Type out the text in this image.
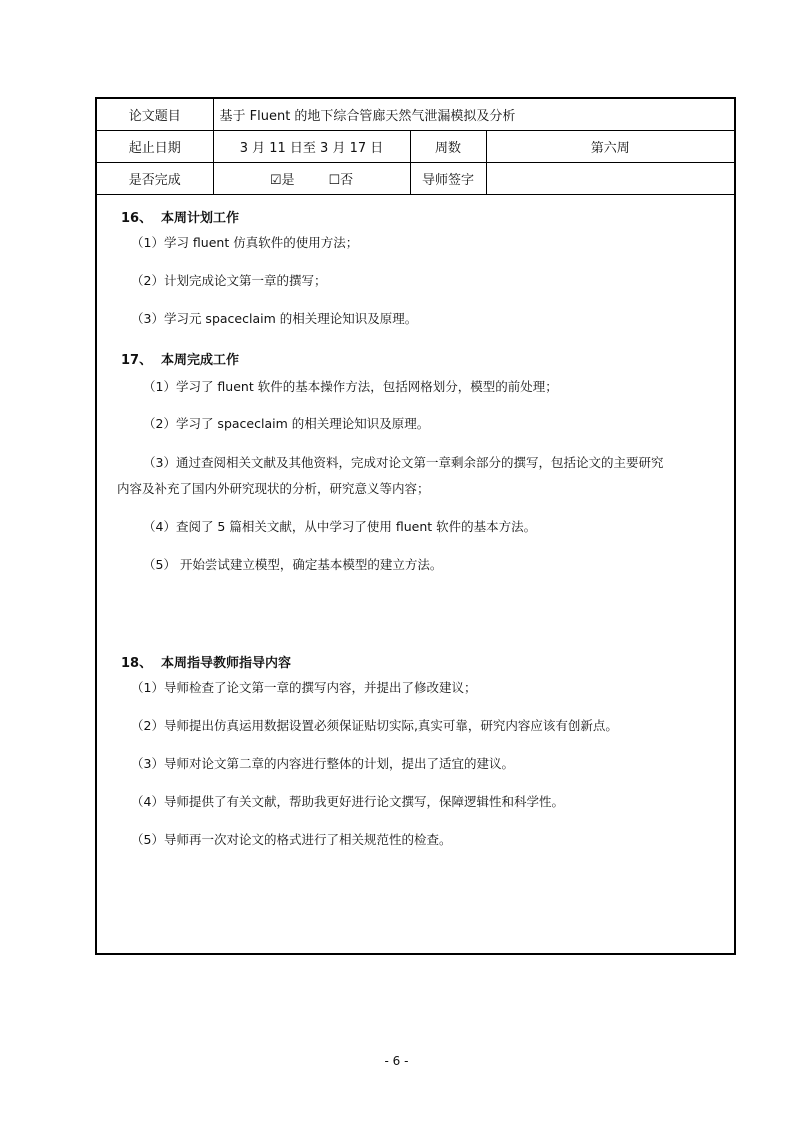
论文题目	基于 Fluent 的地下综合管廊天然气泄漏模拟及分析		
起止日期	3 月 11 日至 3 月 17 日	周数	第六周
是否完成	☑是 ☐否	导师签字	
16、 本周计划工作
（1）学习 fluent 仿真软件的使用方法；
（2）计划完成论文第一章的撰写；
（3）学习元 spaceclaim 的相关理论知识及原理。
17、 本周完成工作
（1）学习了 fluent 软件的基本操作方法，包括网格划分，模型的前处理；
（2）学习了 spaceclaim 的相关理论知识及原理。
（3）通过查阅相关文献及其他资料，完成对论文第一章剩余部分的撰写，包括论文的主要研究
内容及补充了国内外研究现状的分析，研究意义等内容；
（4）查阅了 5 篇相关文献，从中学习了使用 fluent 软件的基本方法。
（5） 开始尝试建立模型，确定基本模型的建立方法。
18、 本周指导教师指导内容
（1）导师检查了论文第一章的撰写内容，并提出了修改建议；
（2）导师提出仿真运用数据设置必须保证贴切实际,真实可靠，研究内容应该有创新点。
（3）导师对论文第二章的内容进行整体的计划，提出了适宜的建议。
（4）导师提供了有关文献，帮助我更好进行论文撰写，保障逻辑性和科学性。
（5）导师再一次对论文的格式进行了相关规范性的检查。
- 6 -
